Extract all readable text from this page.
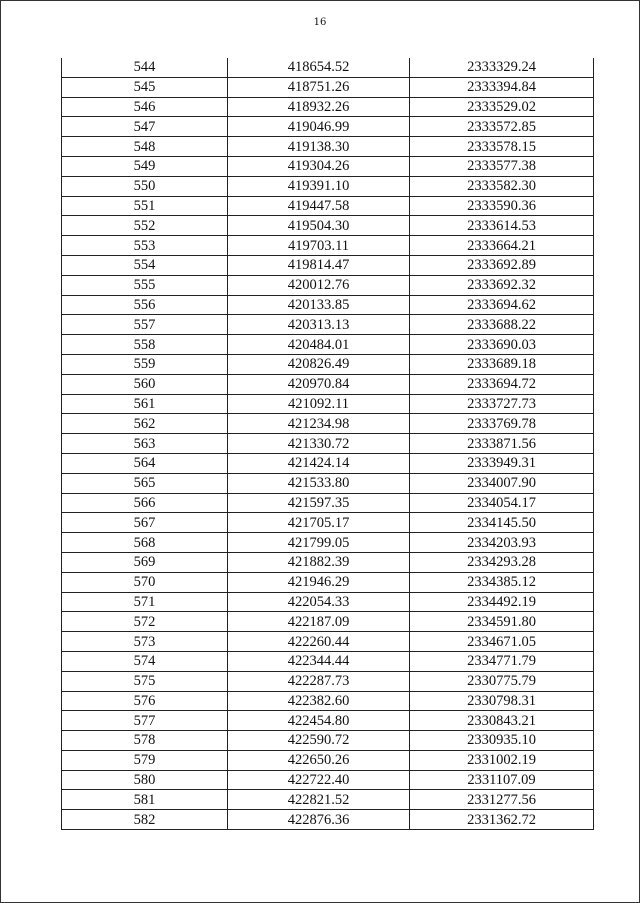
16
544	418654.52	2333329.24
545	418751.26	2333394.84
546	418932.26	2333529.02
547	419046.99	2333572.85
548	419138.30	2333578.15
549	419304.26	2333577.38
550	419391.10	2333582.30
551	419447.58	2333590.36
552	419504.30	2333614.53
553	419703.11	2333664.21
554	419814.47	2333692.89
555	420012.76	2333692.32
556	420133.85	2333694.62
557	420313.13	2333688.22
558	420484.01	2333690.03
559	420826.49	2333689.18
560	420970.84	2333694.72
561	421092.11	2333727.73
562	421234.98	2333769.78
563	421330.72	2333871.56
564	421424.14	2333949.31
565	421533.80	2334007.90
566	421597.35	2334054.17
567	421705.17	2334145.50
568	421799.05	2334203.93
569	421882.39	2334293.28
570	421946.29	2334385.12
571	422054.33	2334492.19
572	422187.09	2334591.80
573	422260.44	2334671.05
574	422344.44	2334771.79
575	422287.73	2330775.79
576	422382.60	2330798.31
577	422454.80	2330843.21
578	422590.72	2330935.10
579	422650.26	2331002.19
580	422722.40	2331107.09
581	422821.52	2331277.56
582	422876.36	2331362.72
